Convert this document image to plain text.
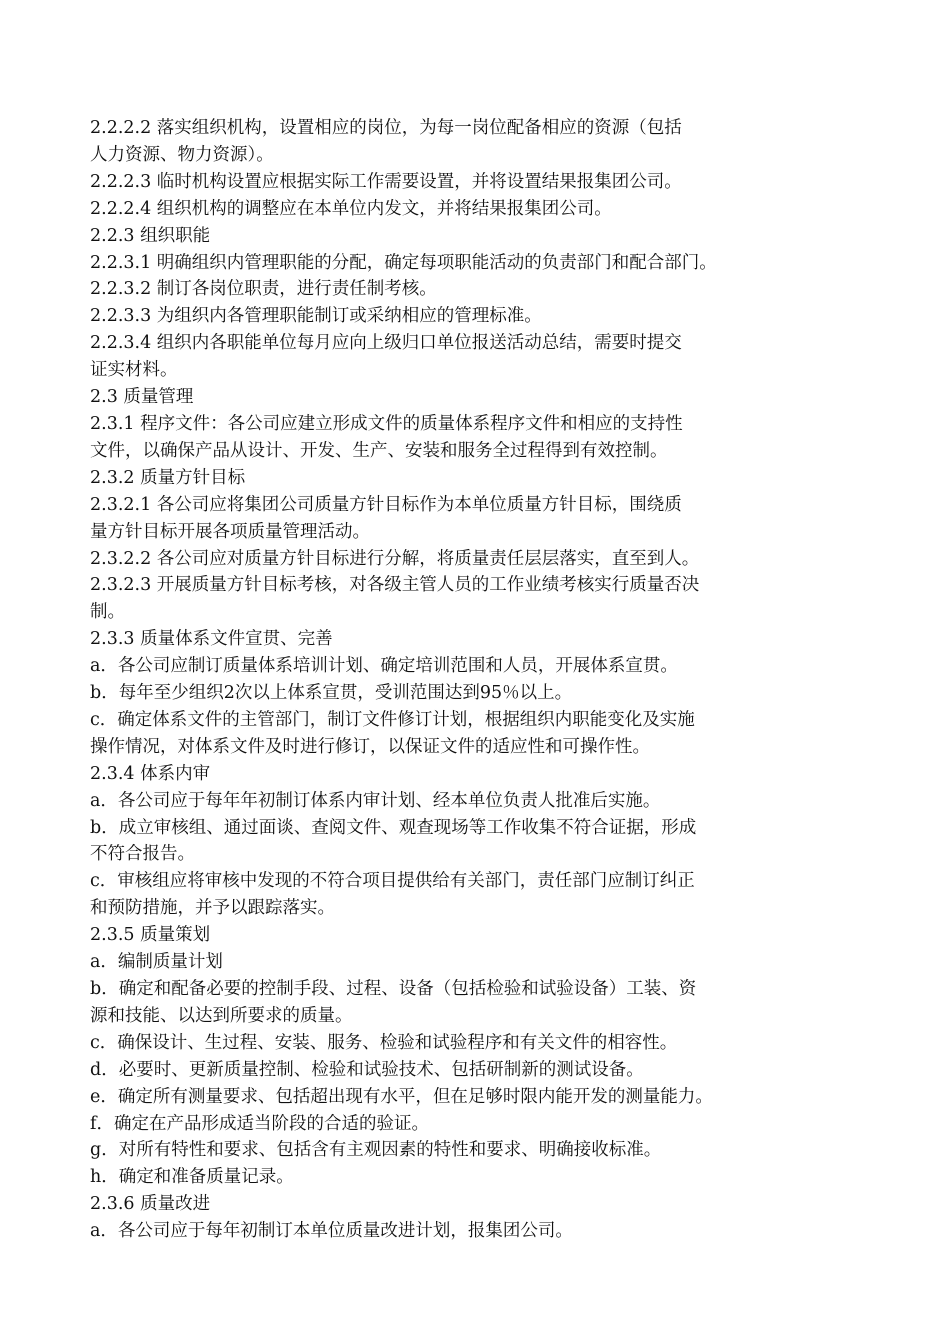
2.2.2.2 落实组织机构，设置相应的岗位，为每一岗位配备相应的资源（包括
人力资源、物力资源）。
2.2.2.3 临时机构设置应根据实际工作需要设置，并将设置结果报集团公司。
2.2.2.4 组织机构的调整应在本单位内发文，并将结果报集团公司。
2.2.3 组织职能
2.2.3.1 明确组织内管理职能的分配，确定每项职能活动的负责部门和配合部门。
2.2.3.2 制订各岗位职责，进行责任制考核。
2.2.3.3 为组织内各管理职能制订或采纳相应的管理标准。
2.2.3.4 组织内各职能单位每月应向上级归口单位报送活动总结，需要时提交
证实材料。
2.3 质量管理
2.3.1 程序文件：各公司应建立形成文件的质量体系程序文件和相应的支持性
文件，以确保产品从设计、开发、生产、安装和服务全过程得到有效控制。
2.3.2 质量方针目标
2.3.2.1 各公司应将集团公司质量方针目标作为本单位质量方针目标，围绕质
量方针目标开展各项质量管理活动。
2.3.2.2 各公司应对质量方针目标进行分解，将质量责任层层落实，直至到人。
2.3.2.3 开展质量方针目标考核，对各级主管人员的工作业绩考核实行质量否决
制。
2.3.3 质量体系文件宣贯、完善
a．各公司应制订质量体系培训计划、确定培训范围和人员，开展体系宣贯。
b．每年至少组织2次以上体系宣贯，受训范围达到95％以上。
c．确定体系文件的主管部门，制订文件修订计划，根据组织内职能变化及实施
操作情况，对体系文件及时进行修订，以保证文件的适应性和可操作性。
2.3.4 体系内审
a．各公司应于每年年初制订体系内审计划、经本单位负责人批准后实施。
b．成立审核组、通过面谈、查阅文件、观查现场等工作收集不符合证据，形成
不符合报告。
c．审核组应将审核中发现的不符合项目提供给有关部门，责任部门应制订纠正
和预防措施，并予以跟踪落实。
2.3.5 质量策划
a．编制质量计划
b．确定和配备必要的控制手段、过程、设备（包括检验和试验设备）工装、资
源和技能、以达到所要求的质量。
c．确保设计、生过程、安装、服务、检验和试验程序和有关文件的相容性。
d．必要时、更新质量控制、检验和试验技术、包括研制新的测试设备。
e．确定所有测量要求、包括超出现有水平，但在足够时限内能开发的测量能力。
f．确定在产品形成适当阶段的合适的验证。
g．对所有特性和要求、包括含有主观因素的特性和要求、明确接收标准。
h．确定和准备质量记录。
2.3.6 质量改进
a．各公司应于每年初制订本单位质量改进计划，报集团公司。
